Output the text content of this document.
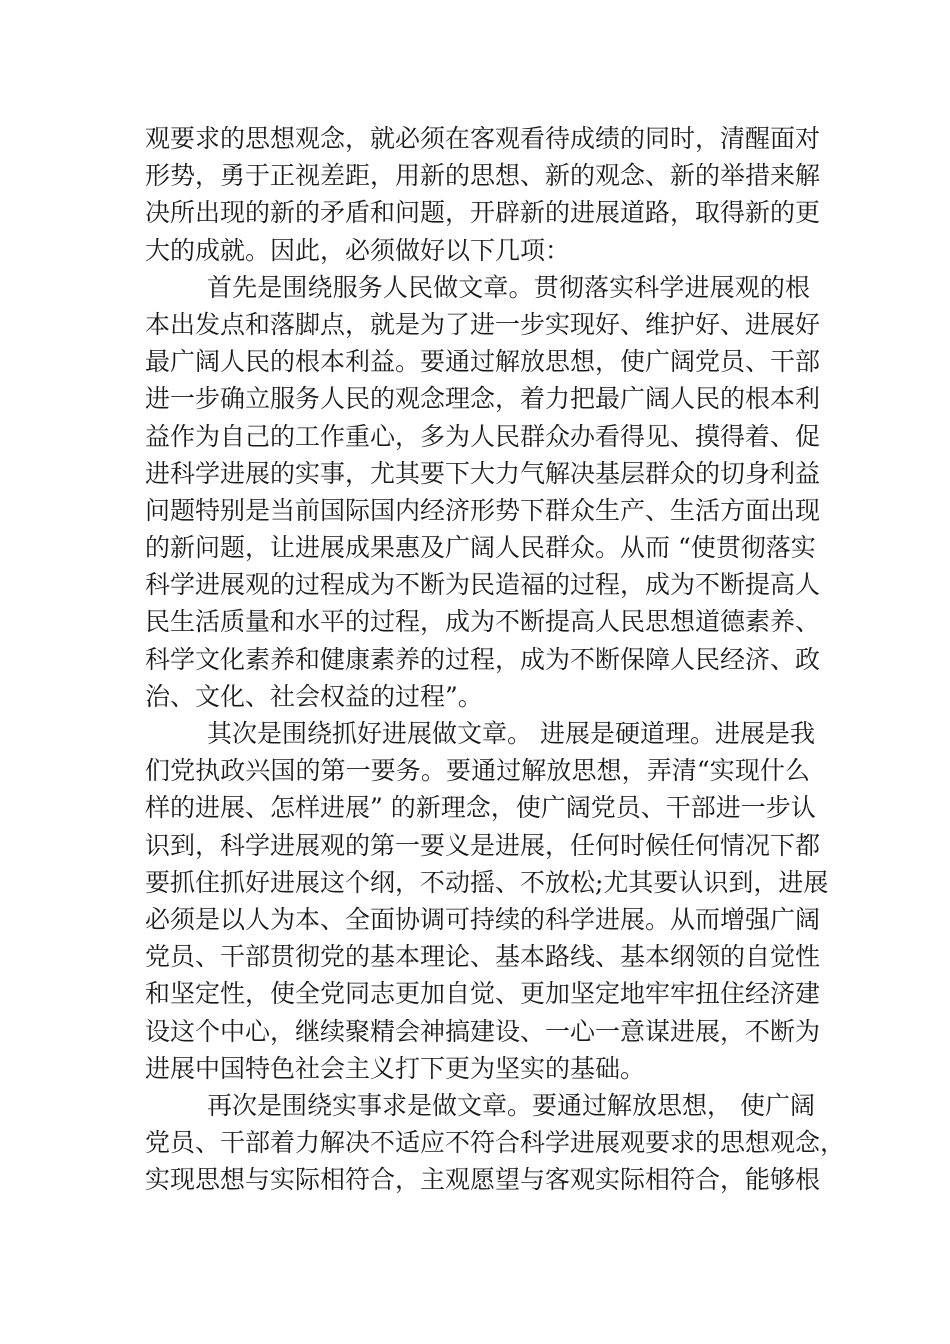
观要求的思想观念，就必须在客观看待成绩的同时，清醒面对
形势，勇于正视差距，用新的思想、新的观念、新的举措来解
决所出现的新的矛盾和问题，开辟新的进展道路，取得新的更
大的成就。因此，必须做好以下几项：
首先是围绕服务人民做文章。贯彻落实科学进展观的根
本出发点和落脚点，就是为了进一步实现好、维护好、进展好
最广阔人民的根本利益。要通过解放思想，使广阔党员、干部
进一步确立服务人民的观念理念，着力把最广阔人民的根本利
益作为自己的工作重心，多为人民群众办看得见、摸得着、促
进科学进展的实事，尤其要下大力气解决基层群众的切身利益
问题特别是当前国际国内经济形势下群众生产、生活方面出现
的新问题，让进展成果惠及广阔人民群众。从而 “使贯彻落实
科学进展观的过程成为不断为民造福的过程，成为不断提高人
民生活质量和水平的过程，成为不断提高人民思想道德素养、
科学文化素养和健康素养的过程，成为不断保障人民经济、政
治、文化、社会权益的过程”。
其次是围绕抓好进展做文章。 进展是硬道理。进展是我
们党执政兴国的第一要务。要通过解放思想，弄清“实现什么
样的进展、怎样进展” 的新理念，使广阔党员、干部进一步认
识到，科学进展观的第一要义是进展，任何时候任何情况下都
要抓住抓好进展这个纲，不动摇、不放松;尤其要认识到，进展
必须是以人为本、全面协调可持续的科学进展。从而增强广阔
党员、干部贯彻党的基本理论、基本路线、基本纲领的自觉性
和坚定性，使全党同志更加自觉、更加坚定地牢牢扭住经济建
设这个中心，继续聚精会神搞建设、一心一意谋进展，不断为
进展中国特色社会主义打下更为坚实的基础。
再次是围绕实事求是做文章。要通过解放思想， 使广阔
党员、干部着力解决不适应不符合科学进展观要求的思想观念，
实现思想与实际相符合，主观愿望与客观实际相符合，能够根
